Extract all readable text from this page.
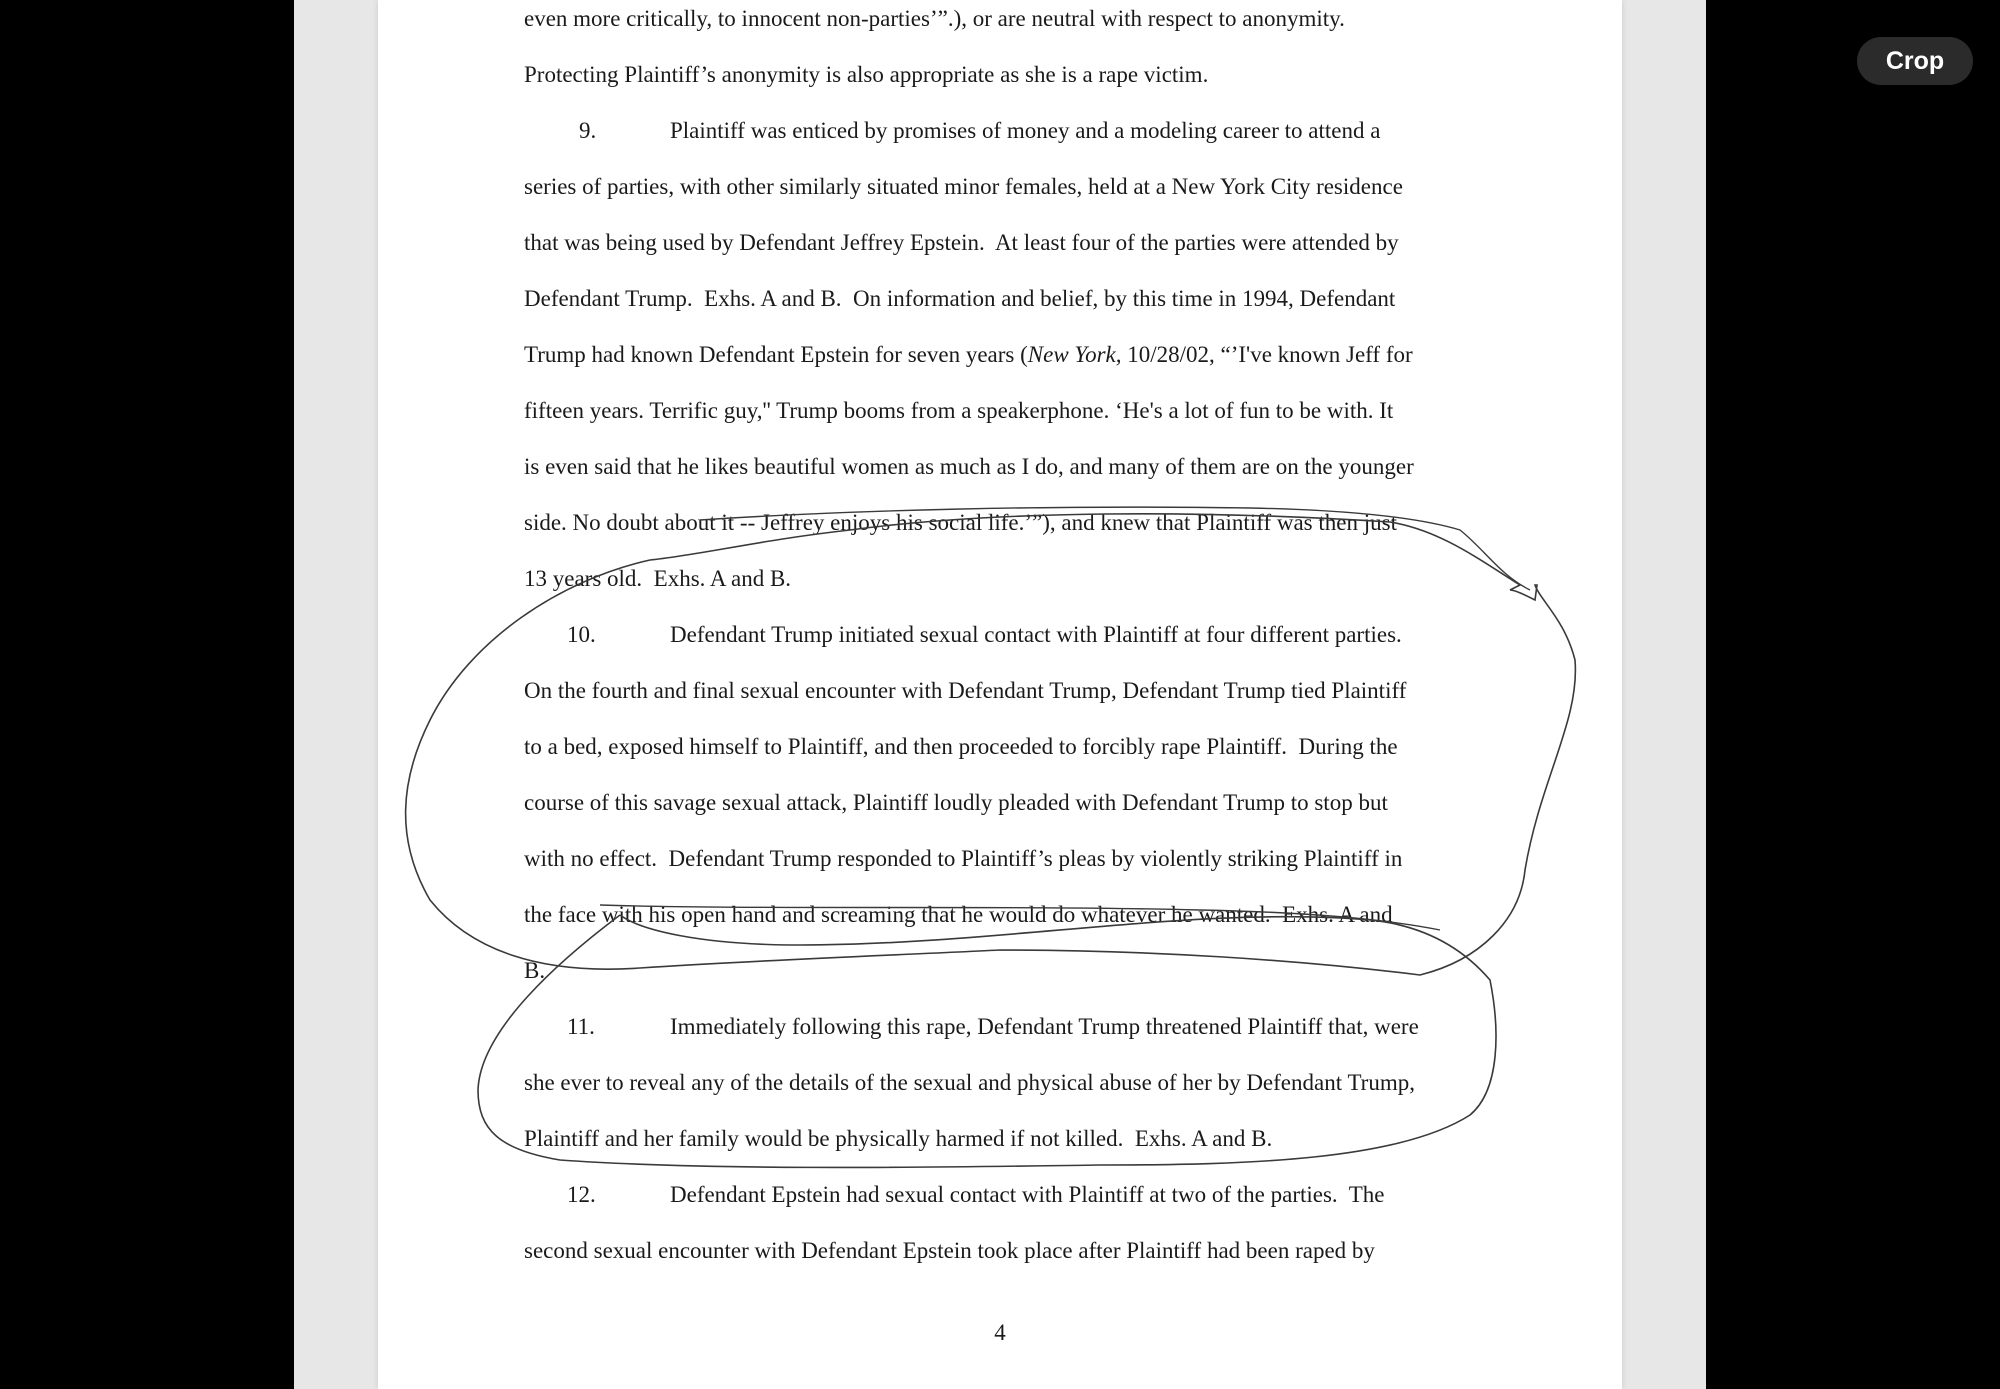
even more critically, to innocent non-parties’”.), or are neutral with respect to anonymity.
Protecting Plaintiff’s anonymity is also appropriate as she is a rape victim.
9.	Plaintiff was enticed by promises of money and a modeling career to attend a
series of parties, with other similarly situated minor females, held at a New York City residence
that was being used by Defendant Jeffrey Epstein.  At least four of the parties were attended by
Defendant Trump.  Exhs. A and B.  On information and belief, by this time in 1994, Defendant
Trump had known Defendant Epstein for seven years (New York, 10/28/02, “’I've known Jeff for
fifteen years. Terrific guy,'' Trump booms from a speakerphone. ‘He's a lot of fun to be with. It
is even said that he likes beautiful women as much as I do, and many of them are on the younger
side. No doubt about it -- Jeffrey enjoys his social life.’”), and knew that Plaintiff was then just
13 years old.  Exhs. A and B.
10.	Defendant Trump initiated sexual contact with Plaintiff at four different parties.
On the fourth and final sexual encounter with Defendant Trump, Defendant Trump tied Plaintiff
to a bed, exposed himself to Plaintiff, and then proceeded to forcibly rape Plaintiff.  During the
course of this savage sexual attack, Plaintiff loudly pleaded with Defendant Trump to stop but
with no effect.  Defendant Trump responded to Plaintiff’s pleas by violently striking Plaintiff in
the face with his open hand and screaming that he would do whatever he wanted.  Exhs. A and
B.
11.	Immediately following this rape, Defendant Trump threatened Plaintiff that, were
she ever to reveal any of the details of the sexual and physical abuse of her by Defendant Trump,
Plaintiff and her family would be physically harmed if not killed.  Exhs. A and B.
12.	Defendant Epstein had sexual contact with Plaintiff at two of the parties.  The
second sexual encounter with Defendant Epstein took place after Plaintiff had been raped by
4
Crop
